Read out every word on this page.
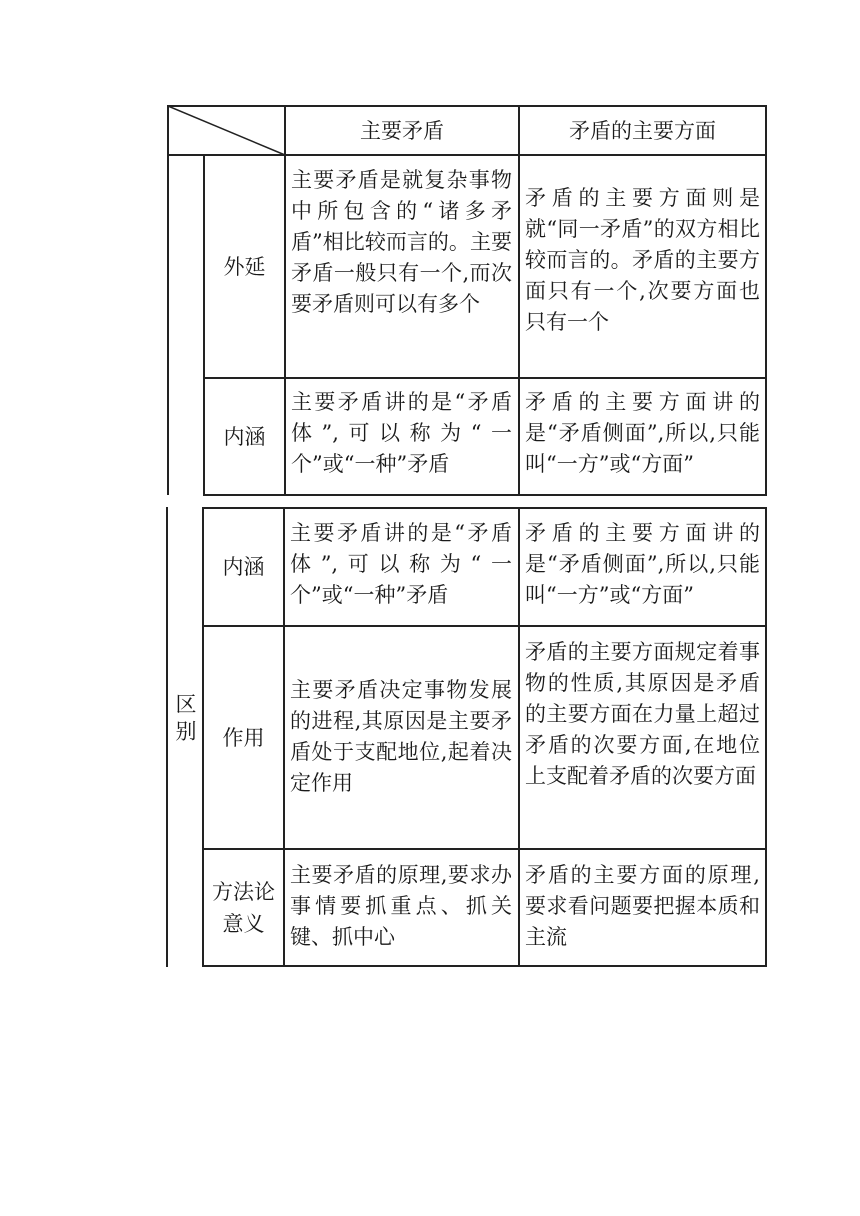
主要矛盾	矛盾的主要方面
区别
外延
主要矛盾是就复杂事物中所包含的“诸多矛盾”相比较而言的。主要矛盾一般只有一个,而次要矛盾则可以有多个
矛盾的主要方面则是就“同一矛盾”的双方相比较而言的。矛盾的主要方面只有一个,次要方面也只有一个
内涵
主要矛盾讲的是“矛盾体”,可以称为“一个”或“一种”矛盾
矛盾的主要方面讲的是“矛盾侧面”,所以,只能叫“一方”或“方面”
内涵
主要矛盾讲的是“矛盾体”,可以称为“一个”或“一种”矛盾
矛盾的主要方面讲的是“矛盾侧面”,所以,只能叫“一方”或“方面”
作用
主要矛盾决定事物发展的进程,其原因是主要矛盾处于支配地位,起着决定作用
矛盾的主要方面规定着事物的性质,其原因是矛盾的主要方面在力量上超过矛盾的次要方面,在地位上支配着矛盾的次要方面
方法论意义
主要矛盾的原理,要求办事情要抓重点、抓关键、抓中心
矛盾的主要方面的原理,要求看问题要把握本质和主流
